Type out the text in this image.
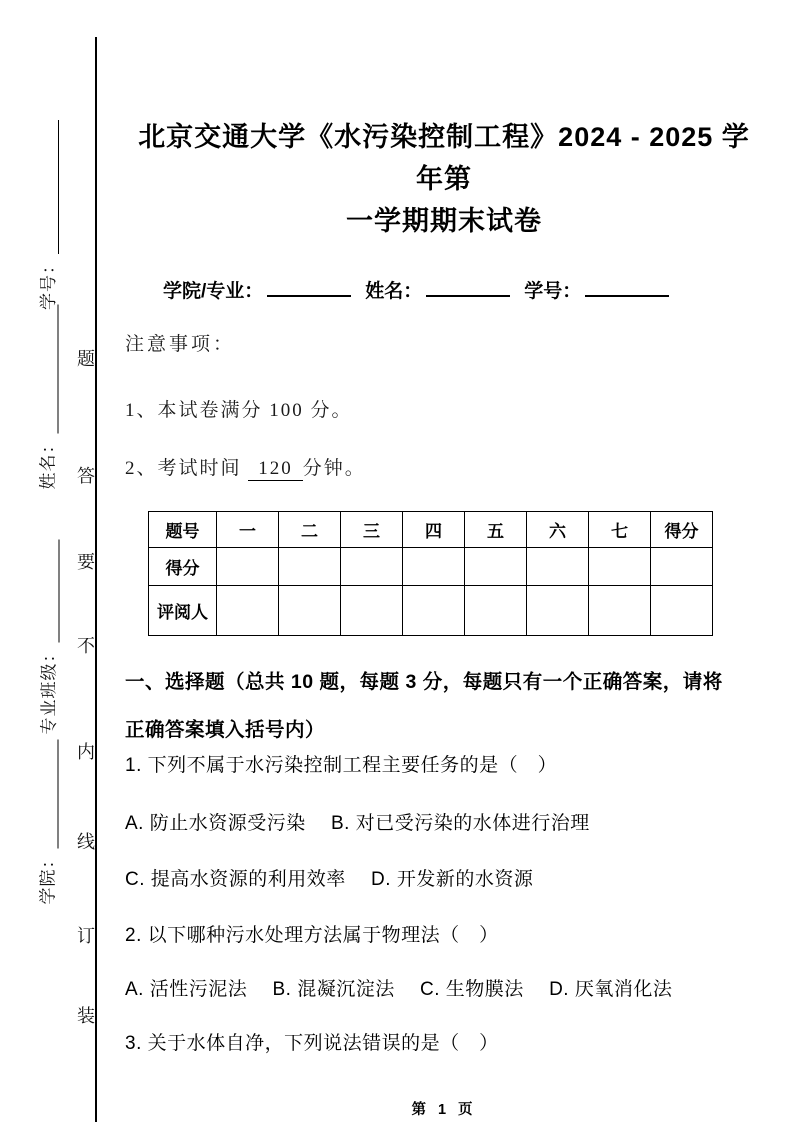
学号：
姓名：
专业班级：
学院：
题
答
要
不
内
线
订
装
北京交通大学《水污染控制工程》2024 - 2025 学年第
一学期期末试卷
学院/专业：	姓名：	学号：
注意事项：
1、本试卷满分 100 分。
2、考试时间 120 分钟。
题号	一	二	三	四	五	六	七	得分
得分								
评阅人								
一、选择题（总共 10 题，每题 3 分，每题只有一个正确答案，请将
正确答案填入括号内）

1. 下列不属于水污染控制工程主要任务的是（　）

A. 防止水资源受污染　 B. 对已受污染的水体进行治理

C. 提高水资源的利用效率　 D. 开发新的水资源

2. 以下哪种污水处理方法属于物理法（　）

A. 活性污泥法　 B. 混凝沉淀法　 C. 生物膜法　 D. 厌氧消化法

3. 关于水体自净，下列说法错误的是（　）

第 1 页
